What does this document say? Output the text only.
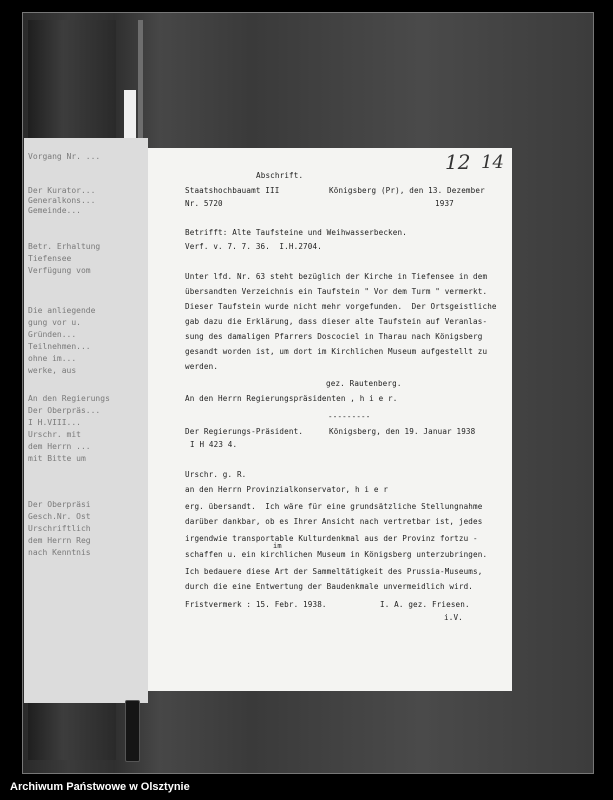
Vorgang Nr. ...
Der Kurator...
Generalkons...
Gemeinde...
Betr. Erhaltung
Tiefensee
Verfügung vom
Die anliegende
gung vor u.
Gründen...
Teilnehmen...
ohne im...
werke, aus
An den Regierungs
Der Oberpräs...
I H.VIII...
Urschr. mit
dem Herrn ...
mit Bitte um
Der Oberpräsi
Gesch.Nr. Ost
Urschriftlich
dem Herrn Reg
nach Kenntnis
12 14
Abschrift.
Staatshochbauamt III	Königsberg (Pr), den 13. Dezember
Nr. 5720	1937
Betrifft: Alte Taufsteine und Weihwasserbecken.
Verf. v. 7. 7. 36.  I.H.2704.
Unter lfd. Nr. 63 steht bezüglich der Kirche in Tiefensee in dem
übersandten Verzeichnis ein Taufstein " Vor dem Turm " vermerkt.
Dieser Taufstein wurde nicht mehr vorgefunden.  Der Ortsgeistliche
gab dazu die Erklärung, dass dieser alte Taufstein auf Veranlas-
sung des damaligen Pfarrers Doscociel in Tharau nach Königsberg
gesandt worden ist, um dort im Kirchlichen Museum aufgestellt zu
werden.
gez. Rautenberg.
An den Herrn Regierungspräsidenten , h i e r.
---------
Der Regierungs-Präsident.	Königsberg, den 19. Januar 1938
I H 423 4.
Urschr. g. R.
an den Herrn Provinzialkonservator, h i e r
erg. übersandt.  Ich wäre für eine grundsätzliche Stellungnahme
darüber dankbar, ob es Ihrer Ansicht nach vertretbar ist, jedes
irgendwie transportable Kulturdenkmal aus der Provinz fortzu -
im
schaffen u. ein kirchlichen Museum in Königsberg unterzubringen.
Ich bedauere diese Art der Sammeltätigkeit des Prussia-Museums,
durch die eine Entwertung der Baudenkmale unvermeidlich wird.
Fristvermerk : 15. Febr. 1938.	I. A. gez. Friesen.
i.V.
Archiwum Państwowe w Olsztynie
